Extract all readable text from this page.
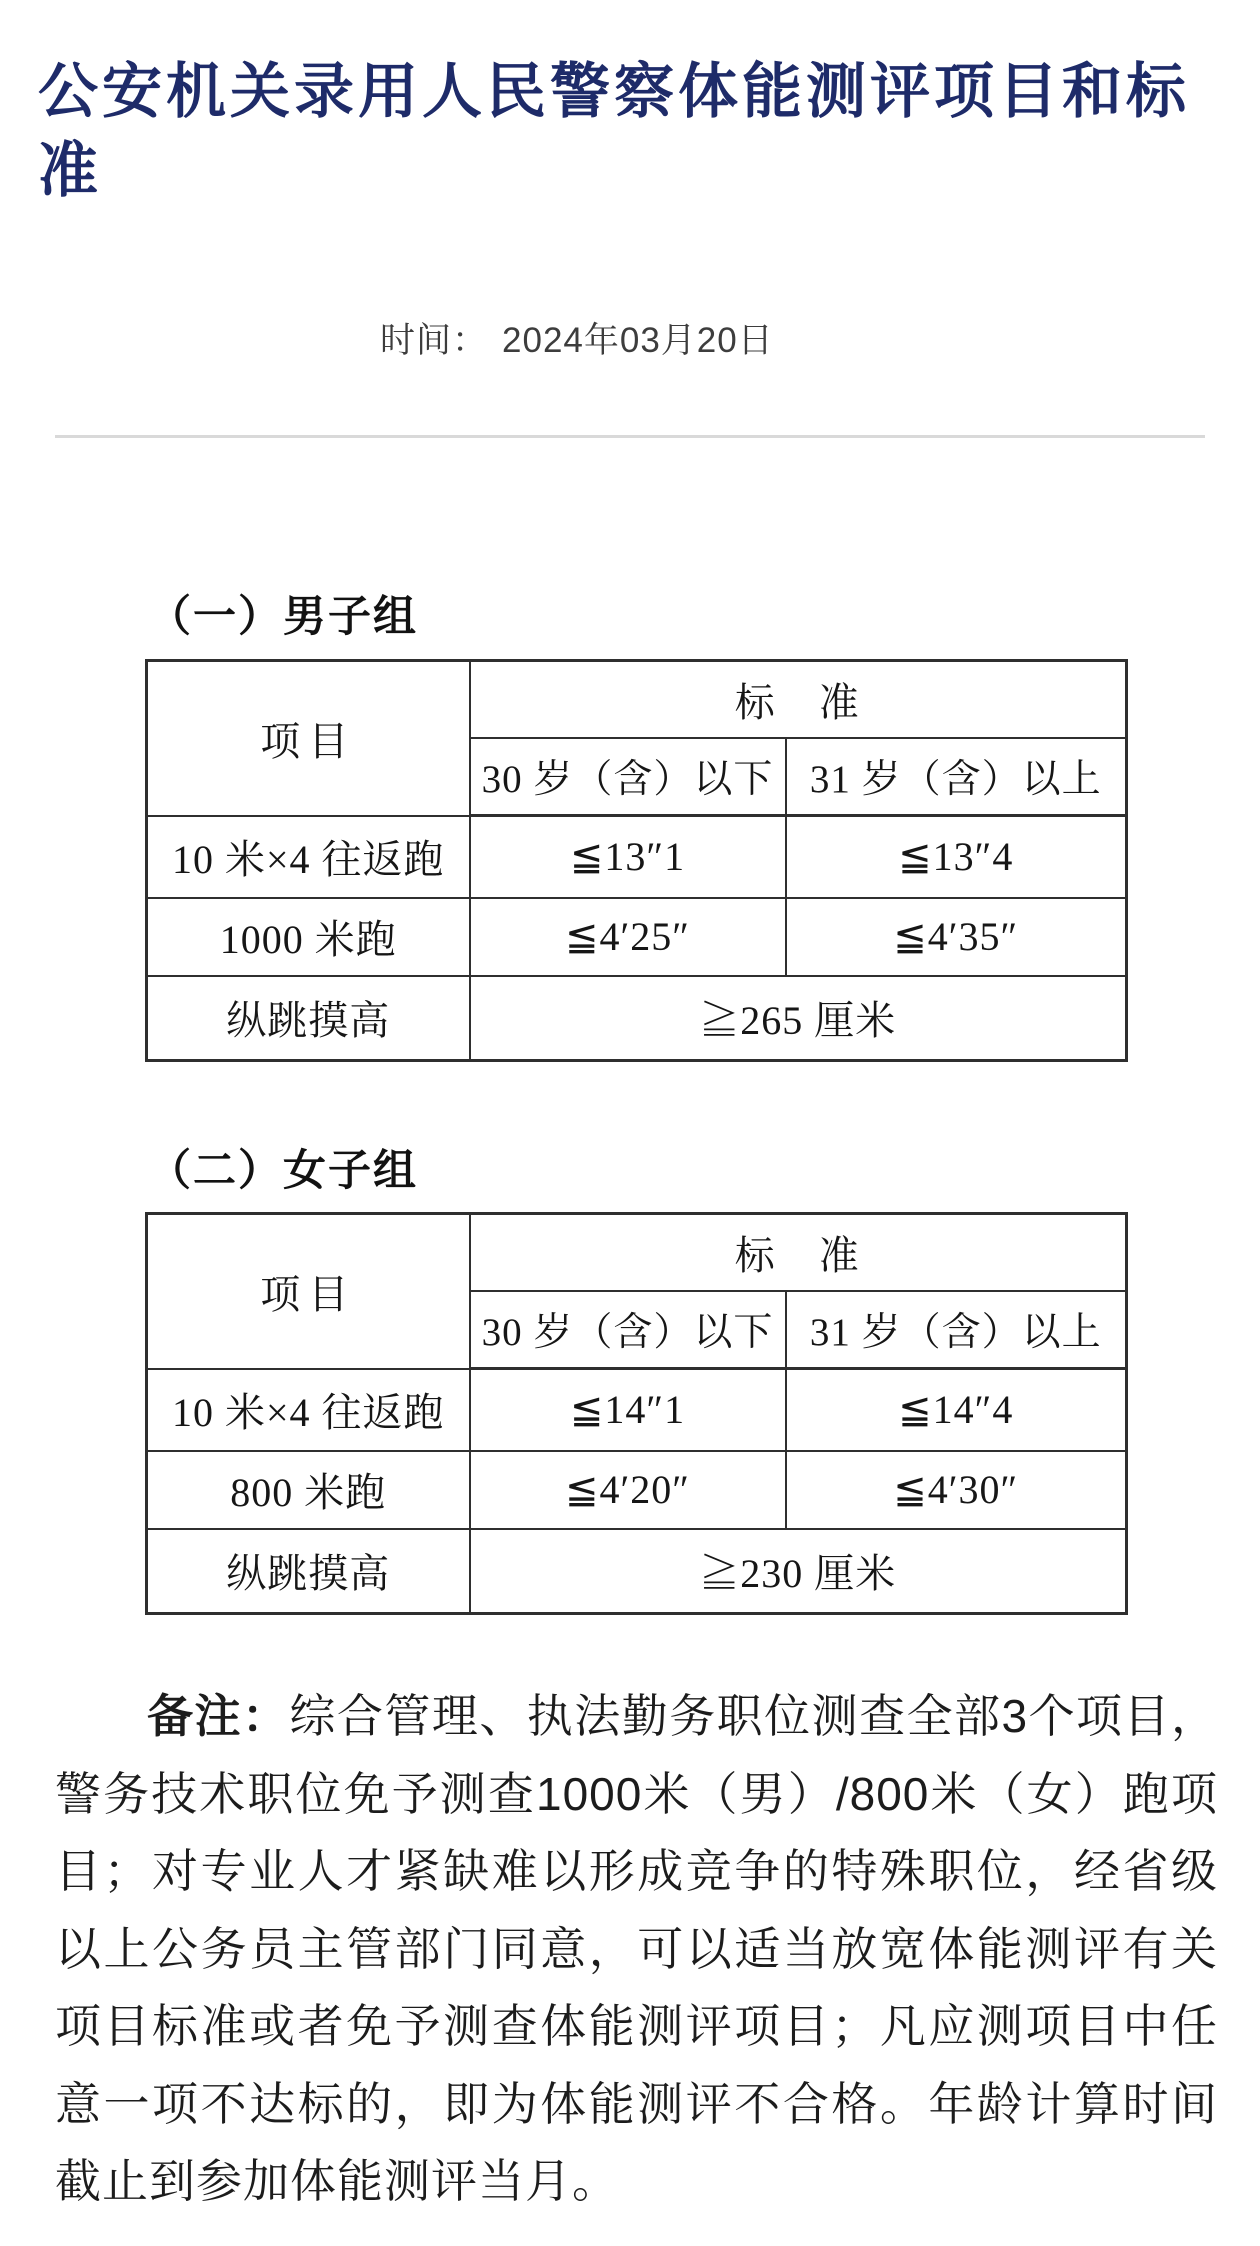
公安机关录用人民警察体能测评项目和标准
时间： 2024年03月20日
（一）男子组
项目	标　准	
	30 岁（含）以下	31 岁（含）以上
10 米×4 往返跑	≦13″1	≦13″4
1000 米跑	≦4′25″	≦4′35″
纵跳摸高	≧265 厘米	
（二）女子组
项目	标　准	
	30 岁（含）以下	31 岁（含）以上
10 米×4 往返跑	≦14″1	≦14″4
800 米跑	≦4′20″	≦4′30″
纵跳摸高	≧230 厘米	

备注：综合管理、执法勤务职位测查全部3个项目，警务技术职位免予测查1000米（男）/800米（女）跑项目；对专业人才紧缺难以形成竞争的特殊职位，经省级以上公务员主管部门同意，可以适当放宽体能测评有关项目标准或者免予测查体能测评项目；凡应测项目中任意一项不达标的，即为体能测评不合格。年龄计算时间截止到参加体能测评当月。
